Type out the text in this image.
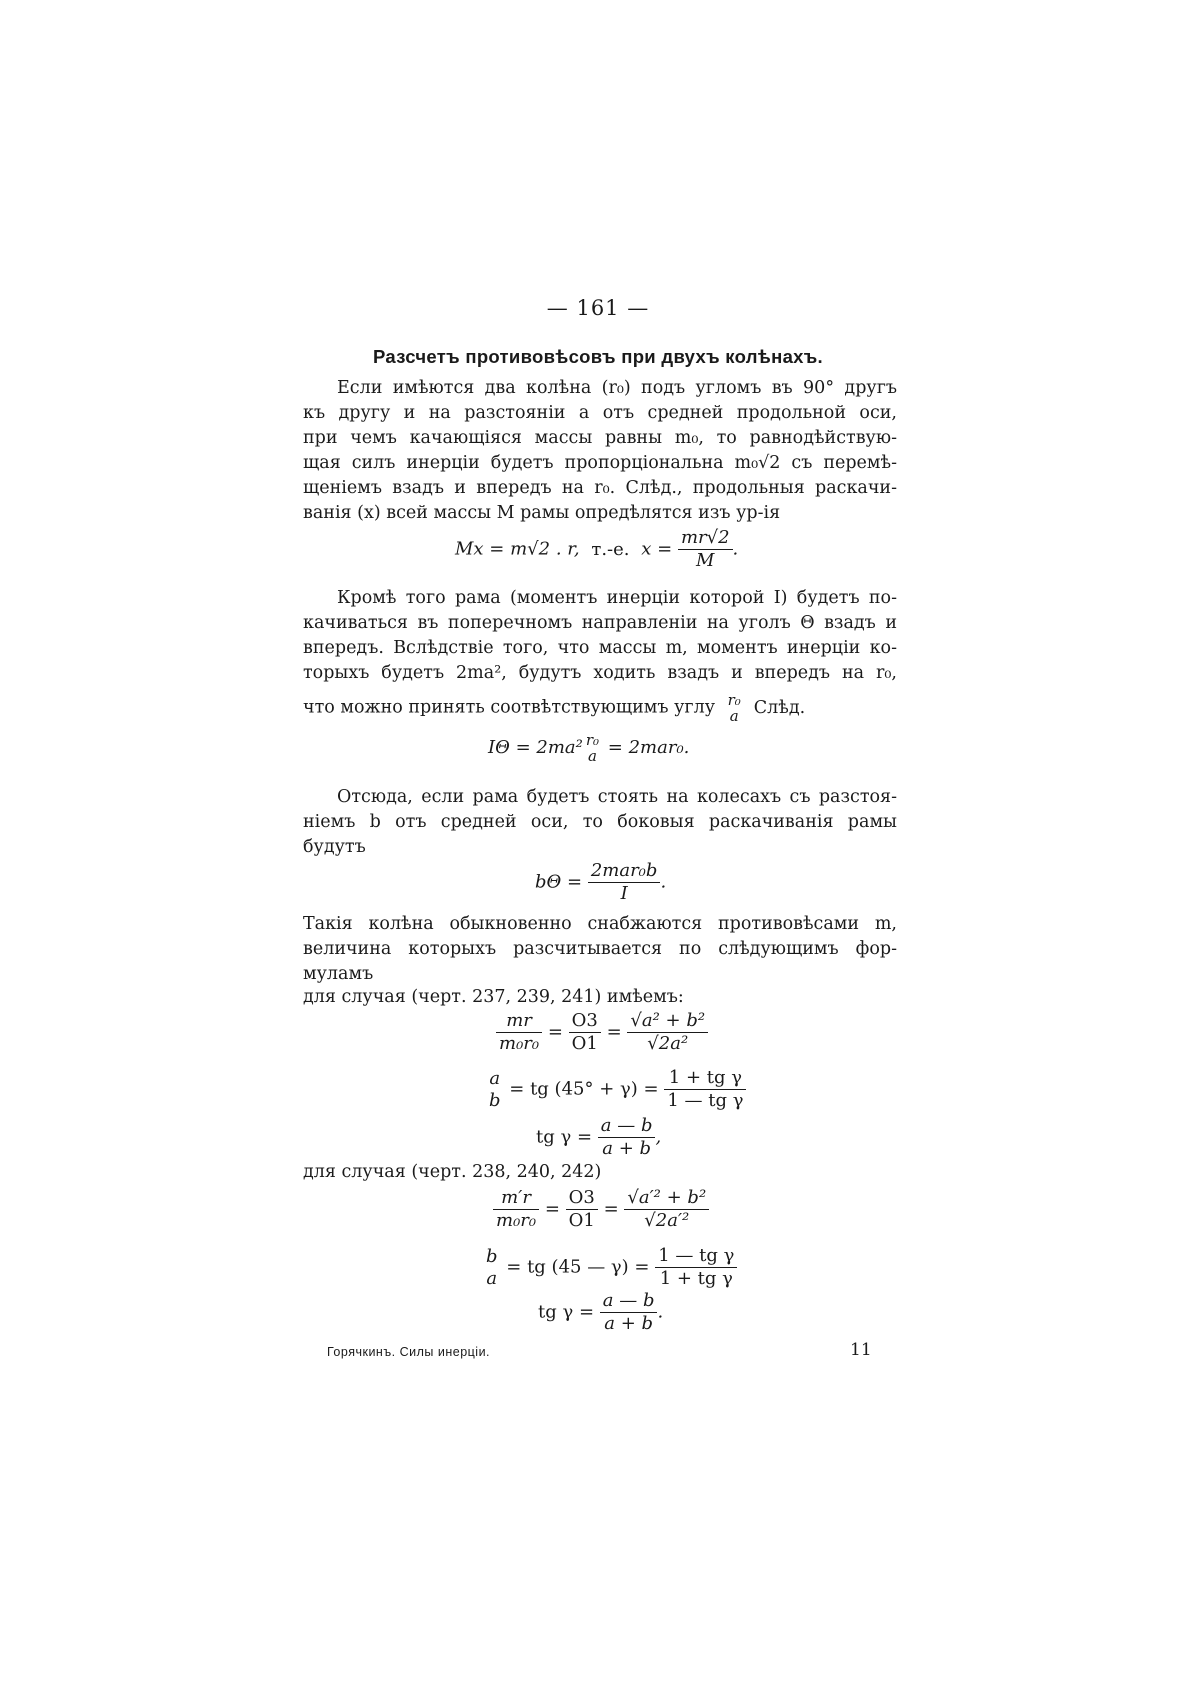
— 161 —
Разсчетъ противовѣсовъ при двухъ колѣнахъ.
Если имѣются два колѣна (r₀) подъ угломъ въ 90° другъ
къ другу и на разстояніи a отъ средней продольной оси,
при чемъ качающіяся массы равны m₀, то равнодѣйствую-
щая силъ инерціи будетъ пропорціональна m₀√2 съ перемѣ-
щеніемъ взадъ и впередъ на r₀. Слѣд., продольныя раскачи-
ванія (x) всей массы M рамы опредѣлятся изъ ур-ія
Mx = m√2 . r, т.-е. $x = \frac{mr√2}{M}$ .
Кромѣ того рама (моментъ инерціи которой I) будетъ по-
качиваться въ поперечномъ направленіи на уголъ Θ взадъ и
впередъ. Вслѣдствіе того, что массы m, моментъ инерціи ко-
торыхъ будетъ 2ma², будутъ ходить взадъ и впередъ на r₀,
что можно принять соотвѣтствующимъ углу r₀
a Слѣд.
IΘ = 2ma² r₀
a = 2mar₀.
Отсюда, если рама будетъ стоять на колесахъ съ разстоя-
ніемъ b отъ средней оси, то боковыя раскачиванія рамы
будутъ
$b\Theta = \frac{\text{2mar₀b}}{I}$ .
Такія колѣна обыкновенно снабжаются противовѣсами m,
величина которыхъ разсчитывается по слѣдующимъ фор-
муламъ
для случая (черт. 237, 239, 241) имѣемъ:
$\frac{mr}{\text{m₀r₀}} = \frac{O3}{O1} = \frac{\text{√a² + b²}}{\text{√2a²}}$
a
b
= tg $(45^\circ + \gamma) = \frac{\text{1 + tg γ}}{\text{1 — tg γ}}$
tg $\gamma = \frac{a — b}{a + b}$ ,
для случая (черт. 238, 240, 242)
$\frac{m'r}{\text{m₀r₀}} = \frac{O3}{O1} = \frac{\text{√a′² + b²}}{\text{√2a′²}}$
b
a
= tg (45 — $\gamma) = \frac{\text{1 — tg γ}}{\text{1 + tg γ}}$
tg $\gamma = \frac{a — b}{a + b}$ .
Горячкинъ. Силы инерціи.	11
